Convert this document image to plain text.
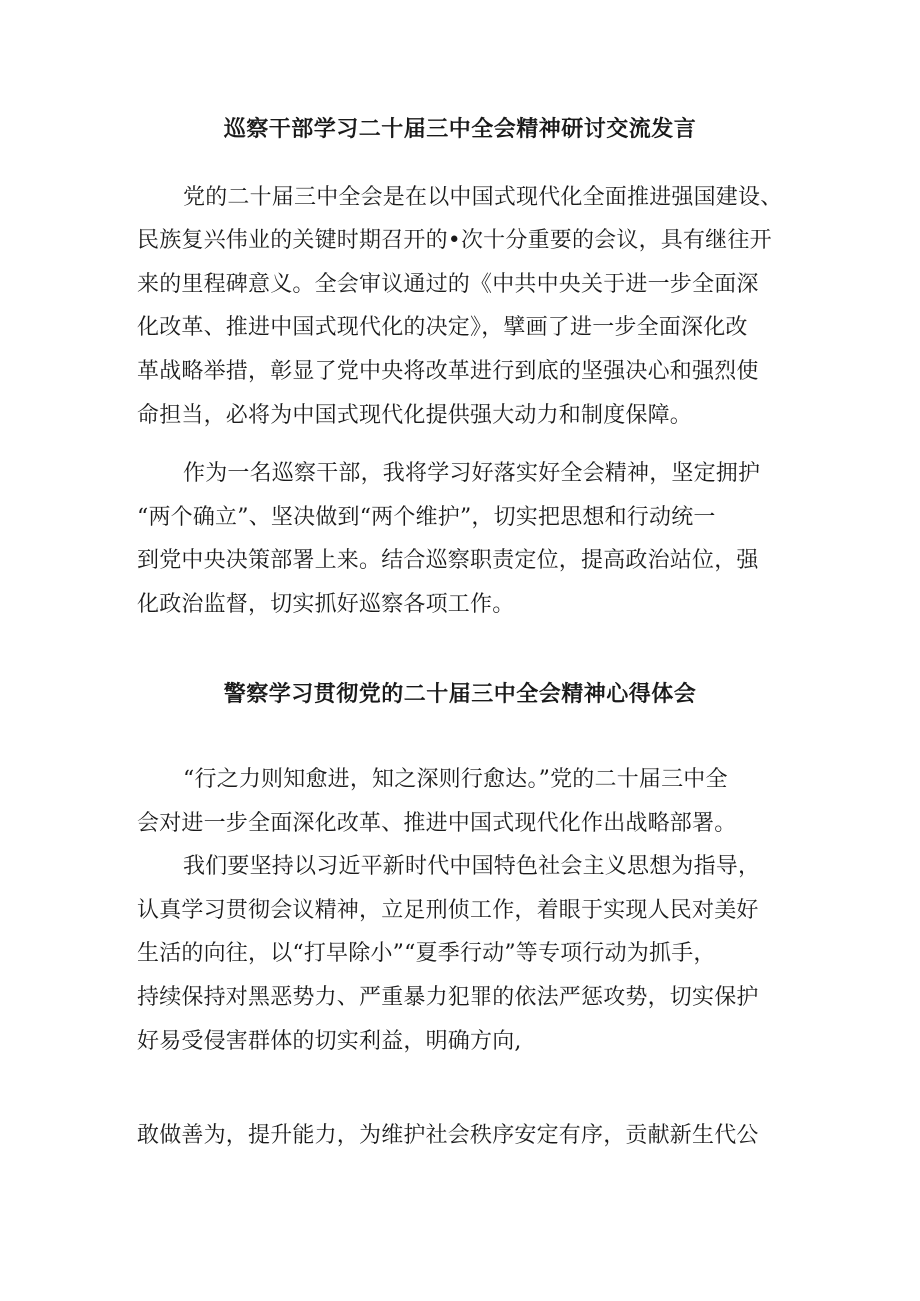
巡察干部学习二十届三中全会精神研讨交流发言
党的二十届三中全会是在以中国式现代化全面推进强国建设、
民族复兴伟业的关键时期召开的•次十分重要的会议，具有继往开
来的里程碑意义。全会审议通过的《中共中央关于进一步全面深
化改革、推进中国式现代化的决定》，擘画了进一步全面深化改
革战略举措，彰显了党中央将改革进行到底的坚强决心和强烈使
命担当，必将为中国式现代化提供强大动力和制度保障。
作为一名巡察干部，我将学习好落实好全会精神，坚定拥护
“两个确立”、坚决做到“两个维护”，切实把思想和行动统一
到党中央决策部署上来。结合巡察职责定位，提高政治站位，强
化政治监督，切实抓好巡察各项工作。
警察学习贯彻党的二十届三中全会精神心得体会
“行之力则知愈进，知之深则行愈达。”党的二十届三中全
会对进一步全面深化改革、推进中国式现代化作出战略部署。
我们要坚持以习近平新时代中国特色社会主义思想为指导，
认真学习贯彻会议精神，立足刑侦工作，着眼于实现人民对美好
生活的向往，以“打早除小”“夏季行动”等专项行动为抓手，
持续保持对黑恶势力、严重暴力犯罪的依法严惩攻势，切实保护
好易受侵害群体的切实利益，明确方向,
敢做善为，提升能力，为维护社会秩序安定有序，贡献新生代公
